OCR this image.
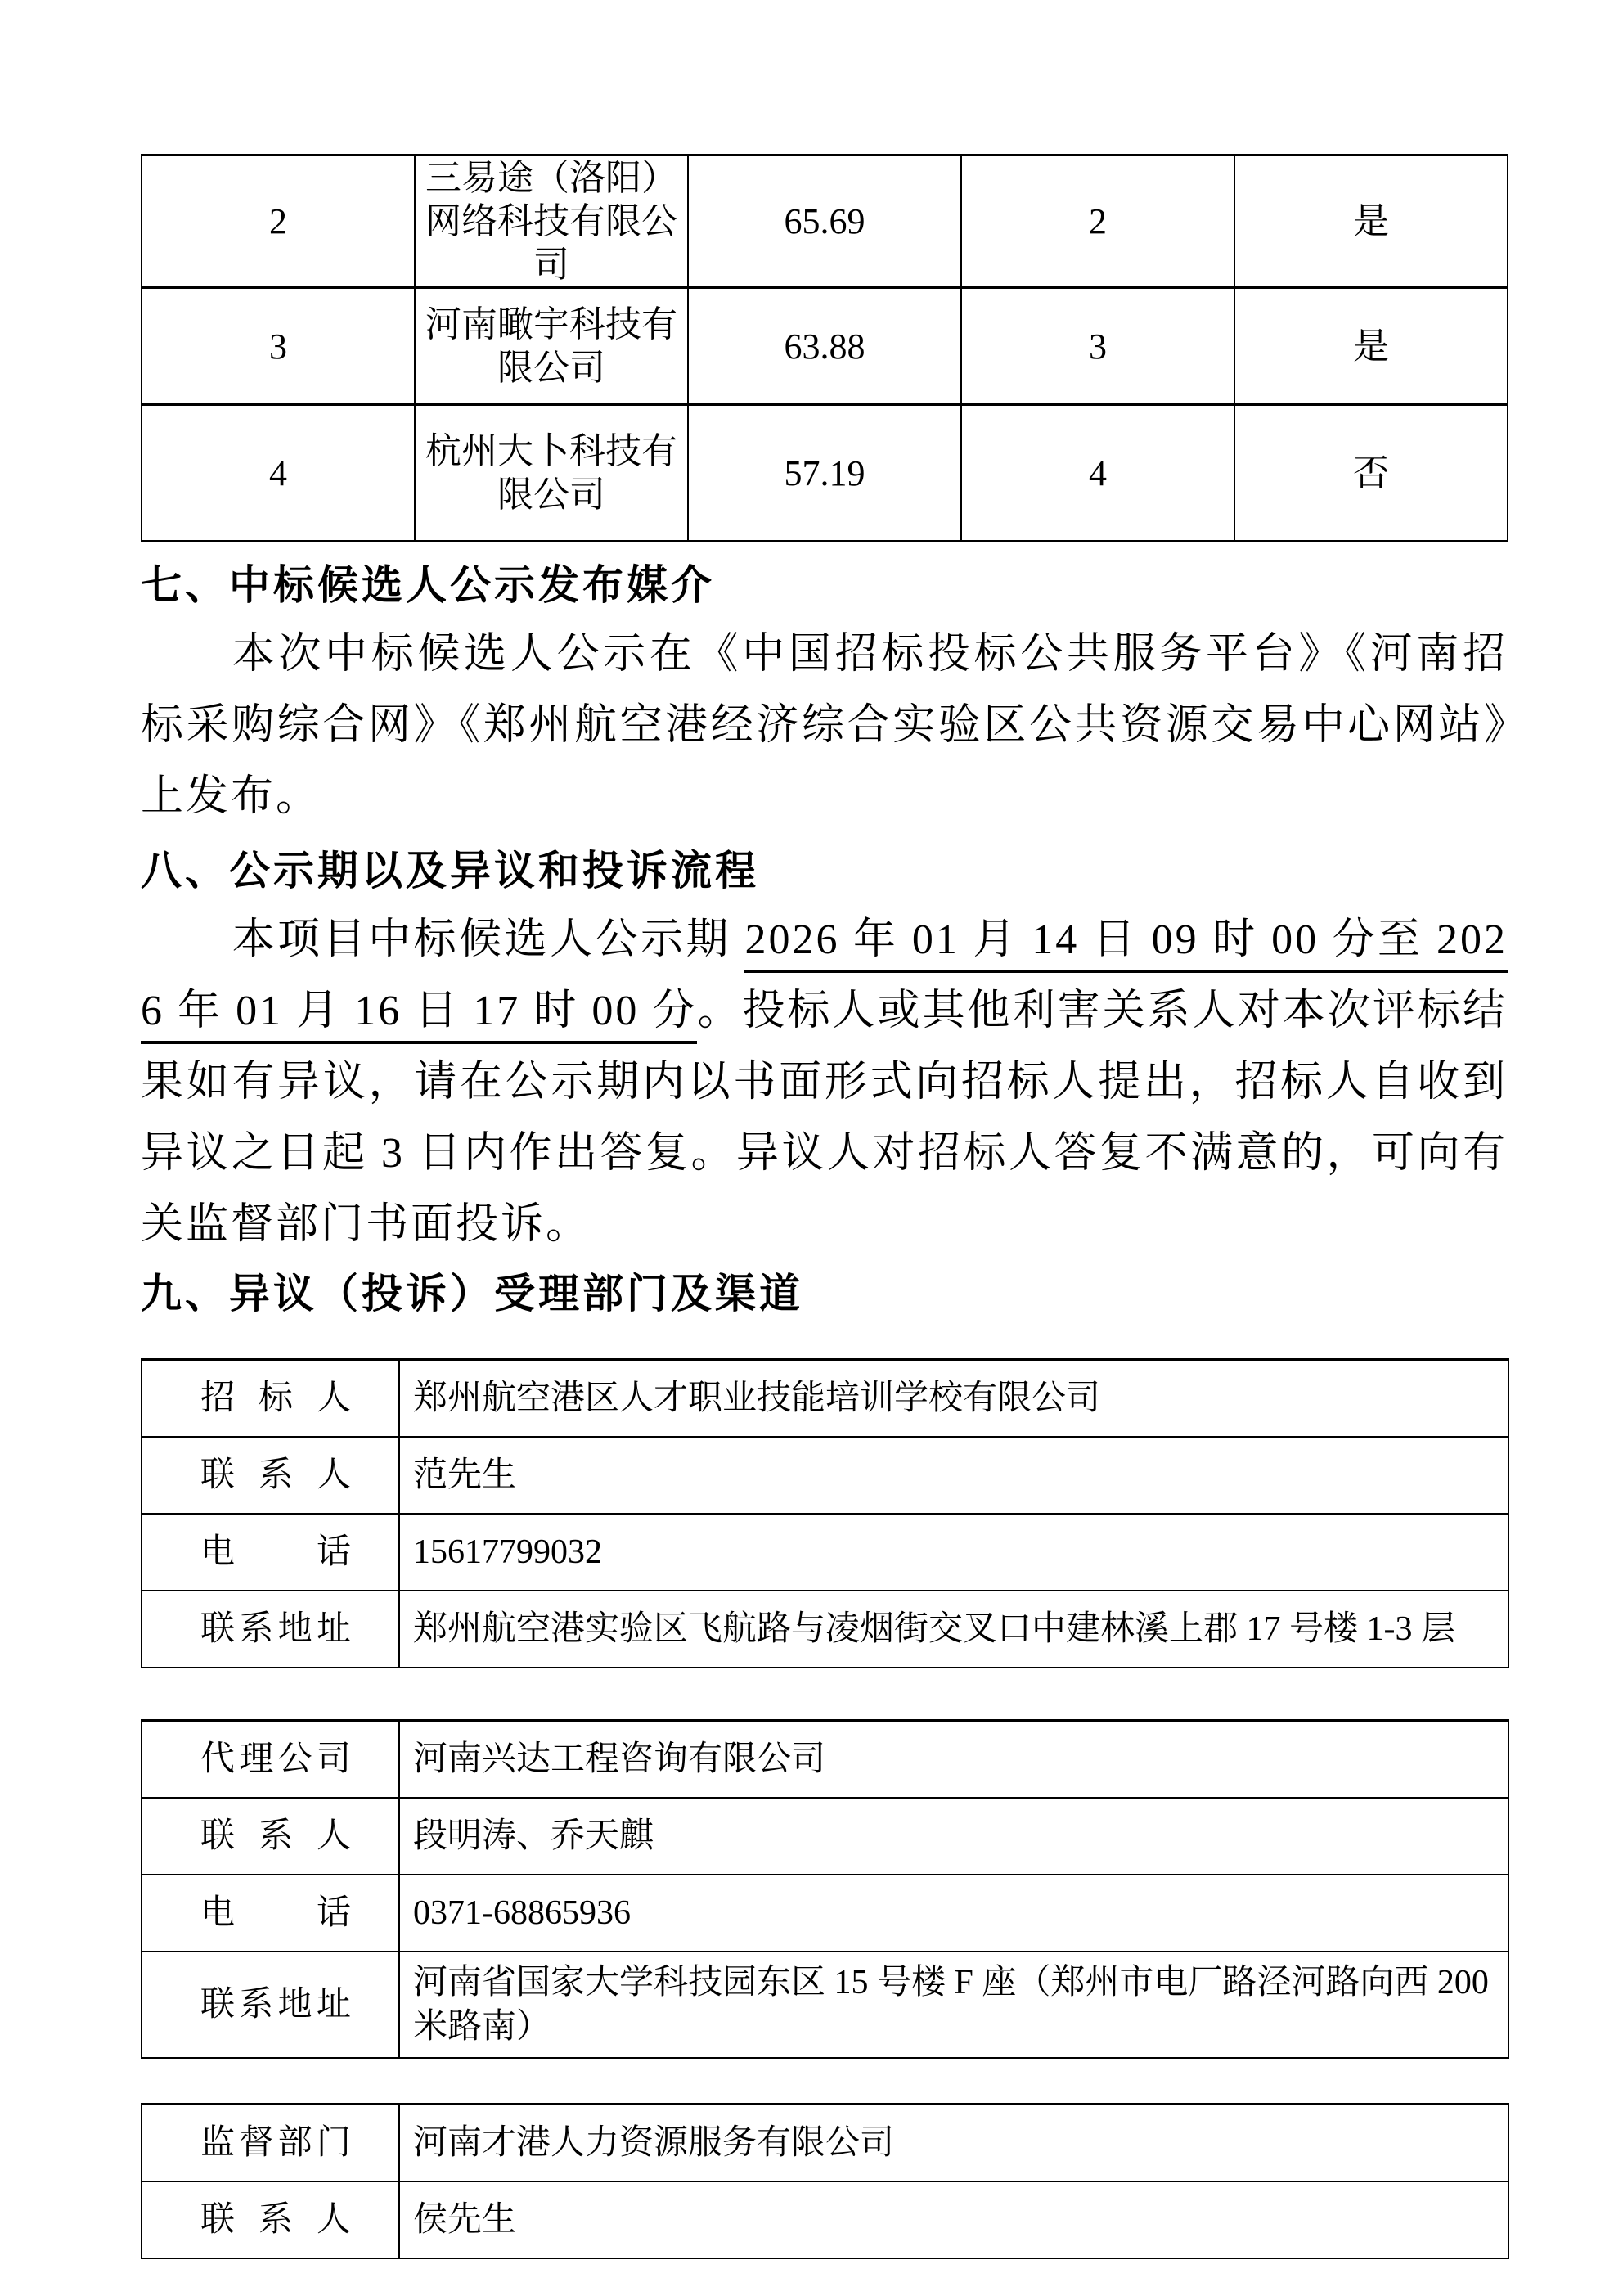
2	三易途（洛阳）网络科技有限公司	65.69	2	是
3	河南瞰宇科技有限公司	63.88	3	是
4	杭州大卜科技有限公司	57.19	4	否
七、中标候选人公示发布媒介

本次中标候选人公示在《中国招标投标公共服务平台》《河南招标采购综合网》《郑州航空港经济综合实验区公共资源交易中心网站》上发布。

八、公示期以及异议和投诉流程

本项目中标候选人公示期 2026 年 01 月 14 日 09 时 00 分至 2026 年 01 月 16 日 17 时 00 分。投标人或其他利害关系人对本次评标结果如有异议，请在公示期内以书面形式向招标人提出，招标人自收到异议之日起 3 日内作出答复。异议人对招标人答复不满意的，可向有关监督部门书面投诉。

九、异议（投诉）受理部门及渠道
招 标 人	郑州航空港区人才职业技能培训学校有限公司
联 系 人	范先生
电 话	15617799032
联系地址	郑州航空港实验区飞航路与凌烟街交叉口中建林溪上郡 17 号楼 1-3 层
代理公司	河南兴达工程咨询有限公司
联 系 人	段明涛、乔天麒
电 话	0371-68865936
联系地址	河南省国家大学科技园东区 15 号楼 F 座（郑州市电厂路泾河路向西 200 米路南）
监督部门	河南才港人力资源服务有限公司
联 系 人	侯先生
